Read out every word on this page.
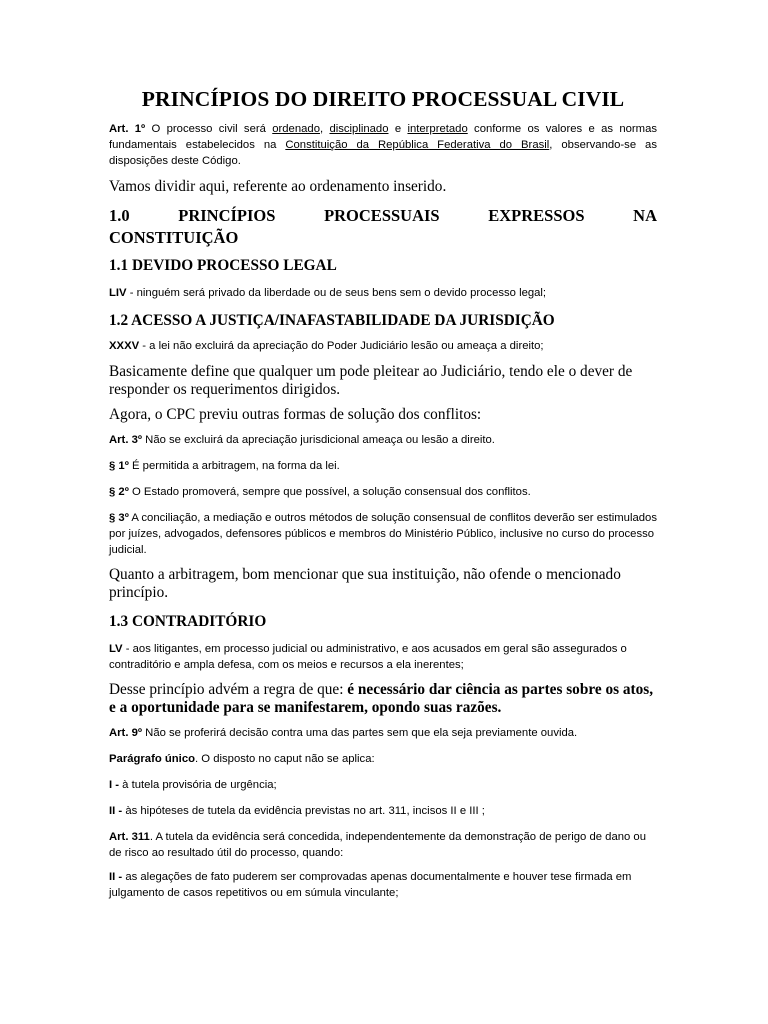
PRINCÍPIOS DO DIREITO PROCESSUAL CIVIL

Art. 1º O processo civil será ordenado, disciplinado e interpretado conforme os valores e as normas fundamentais estabelecidos na Constituição da República Federativa do Brasil, observando-se as disposições deste Código.

Vamos dividir aqui, referente ao ordenamento inserido.

1.0	PRINCÍPIOS	PROCESSUAIS	EXPRESSOS	NA
CONSTITUIÇÃO
1.1 DEVIDO PROCESSO LEGAL

LIV - ninguém será privado da liberdade ou de seus bens sem o devido processo legal;

1.2 ACESSO A JUSTIÇA/INAFASTABILIDADE DA JURISDIÇÃO

XXXV - a lei não excluirá da apreciação do Poder Judiciário lesão ou ameaça a direito;

Basicamente define que qualquer um pode pleitear ao Judiciário, tendo ele o dever de responder os requerimentos dirigidos.

Agora, o CPC previu outras formas de solução dos conflitos:

Art. 3º Não se excluirá da apreciação jurisdicional ameaça ou lesão a direito.

§ 1º É permitida a arbitragem, na forma da lei.

§ 2º O Estado promoverá, sempre que possível, a solução consensual dos conflitos.

§ 3º A conciliação, a mediação e outros métodos de solução consensual de conflitos deverão ser estimulados por juízes, advogados, defensores públicos e membros do Ministério Público, inclusive no curso do processo judicial.

Quanto a arbitragem, bom mencionar que sua instituição, não ofende o mencionado princípio.

1.3 CONTRADITÓRIO

LV - aos litigantes, em processo judicial ou administrativo, e aos acusados em geral são assegurados o contraditório e ampla defesa, com os meios e recursos a ela inerentes;

Desse princípio advém a regra de que: é necessário dar ciência as partes sobre os atos, e a oportunidade para se manifestarem, opondo suas razões.

Art. 9º Não se proferirá decisão contra uma das partes sem que ela seja previamente ouvida.

Parágrafo único. O disposto no caput não se aplica:

I - à tutela provisória de urgência;

II - às hipóteses de tutela da evidência previstas no art. 311, incisos II e III ;

Art. 311. A tutela da evidência será concedida, independentemente da demonstração de perigo de dano ou de risco ao resultado útil do processo, quando:

II - as alegações de fato puderem ser comprovadas apenas documentalmente e houver tese firmada em julgamento de casos repetitivos ou em súmula vinculante;
